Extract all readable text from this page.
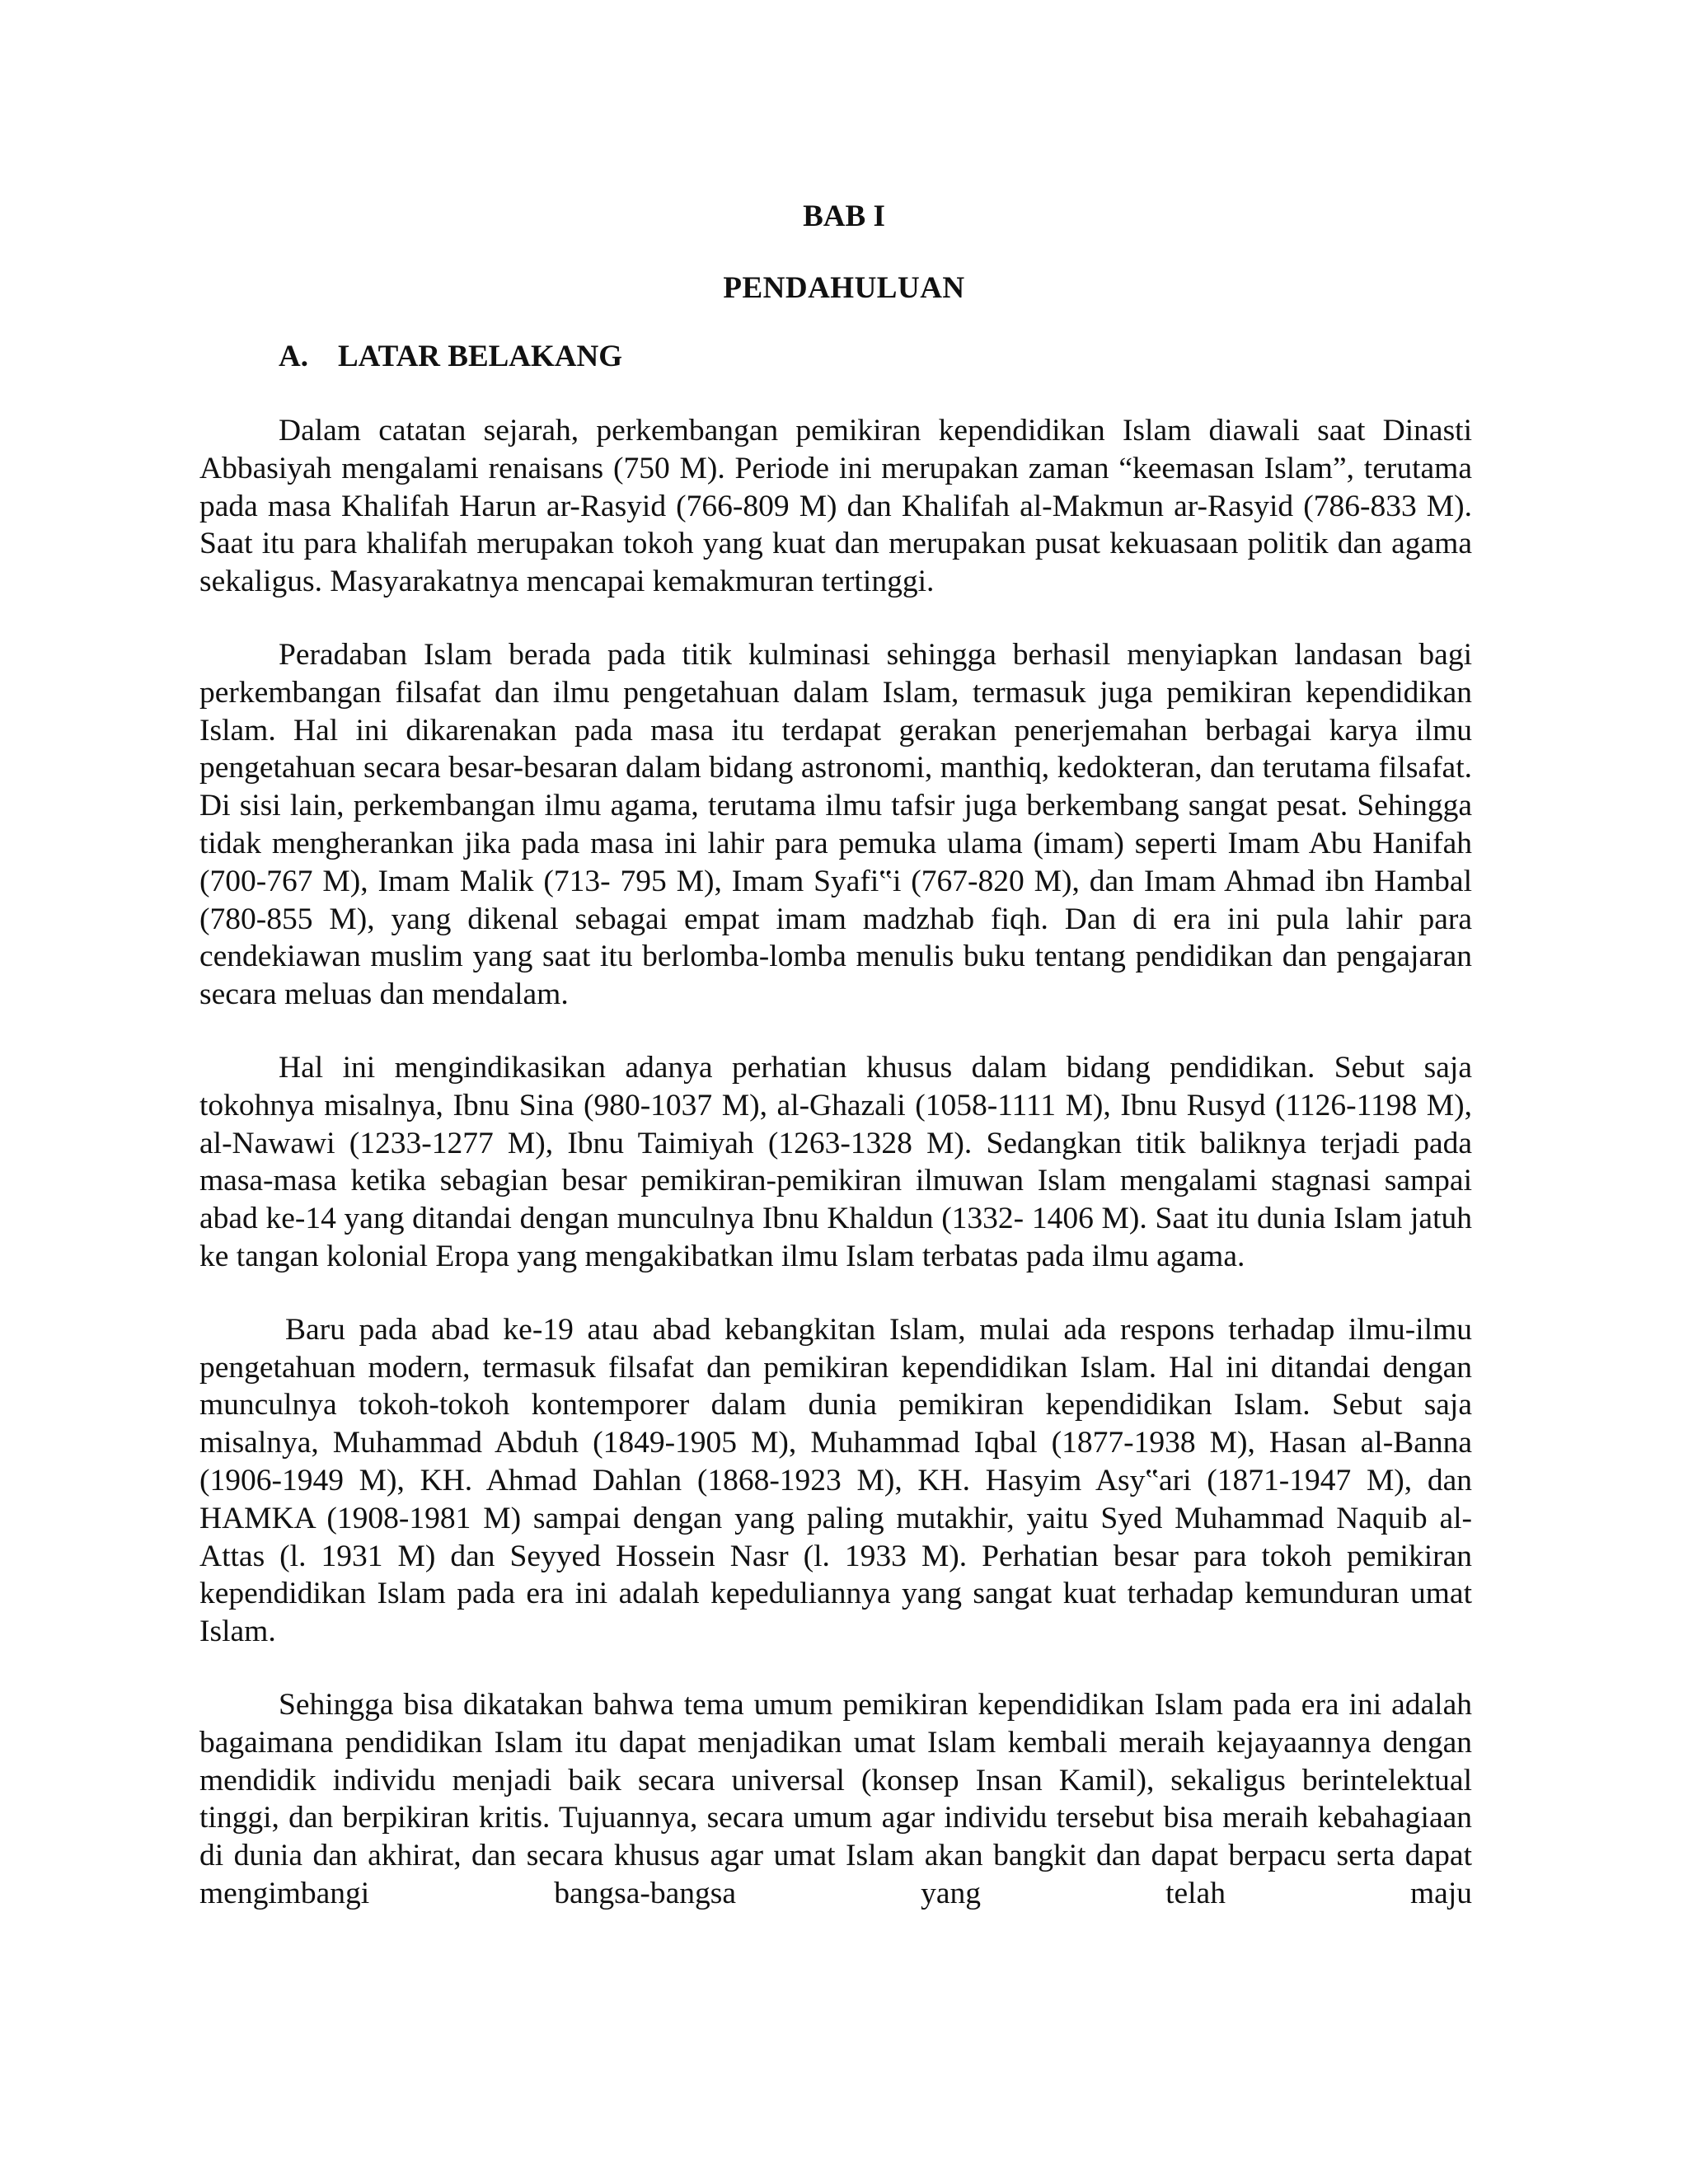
BAB I
PENDAHULUAN
A. LATAR BELAKANG

Dalam catatan sejarah, perkembangan pemikiran kependidikan Islam diawali saat Dinasti Abbasiyah mengalami renaisans (750 M). Periode ini merupakan zaman “keemasan Islam”, terutama pada masa Khalifah Harun ar-Rasyid (766-809 M) dan Khalifah al-Makmun ar-Rasyid (786-833 M). Saat itu para khalifah merupakan tokoh yang kuat dan merupakan pusat kekuasaan politik dan agama sekaligus. Masyarakatnya mencapai kemakmuran tertinggi.

Peradaban Islam berada pada titik kulminasi sehingga berhasil menyiapkan landasan bagi perkembangan filsafat dan ilmu pengetahuan dalam Islam, termasuk juga pemikiran kependidikan Islam. Hal ini dikarenakan pada masa itu terdapat gerakan penerjemahan berbagai karya ilmu pengetahuan secara besar-besaran dalam bidang astronomi, manthiq, kedokteran, dan terutama filsafat. Di sisi lain, perkembangan ilmu agama, terutama ilmu tafsir juga berkembang sangat pesat. Sehingga tidak mengherankan jika pada masa ini lahir para pemuka ulama (imam) seperti Imam Abu Hanifah (700-767 M), Imam Malik (713- 795 M), Imam Syafi‟i (767-820 M), dan Imam Ahmad ibn Hambal (780-855 M), yang dikenal sebagai empat imam madzhab fiqh. Dan di era ini pula lahir para cendekiawan muslim yang saat itu berlomba-lomba menulis buku tentang pendidikan dan pengajaran secara meluas dan mendalam.

Hal ini mengindikasikan adanya perhatian khusus dalam bidang pendidikan. Sebut saja tokohnya misalnya, Ibnu Sina (980-1037 M), al-Ghazali (1058-1111 M), Ibnu Rusyd (1126-1198 M), al-Nawawi (1233-1277 M), Ibnu Taimiyah (1263-1328 M). Sedangkan titik baliknya terjadi pada masa-masa ketika sebagian besar pemikiran-pemikiran ilmuwan Islam mengalami stagnasi sampai abad ke-14 yang ditandai dengan munculnya Ibnu Khaldun (1332- 1406 M). Saat itu dunia Islam jatuh ke tangan kolonial Eropa yang mengakibatkan ilmu Islam terbatas pada ilmu agama.

Baru pada abad ke-19 atau abad kebangkitan Islam, mulai ada respons terhadap ilmu-ilmu pengetahuan modern, termasuk filsafat dan pemikiran kependidikan Islam. Hal ini ditandai dengan munculnya tokoh-tokoh kontemporer dalam dunia pemikiran kependidikan Islam. Sebut saja misalnya, Muhammad Abduh (1849-1905 M), Muhammad Iqbal (1877-1938 M), Hasan al-Banna (1906-1949 M), KH. Ahmad Dahlan (1868-1923 M), KH. Hasyim Asy‟ari (1871-1947 M), dan HAMKA (1908-1981 M) sampai dengan yang paling mutakhir, yaitu Syed Muhammad Naquib al-Attas (l. 1931 M) dan Seyyed Hossein Nasr (l. 1933 M). Perhatian besar para tokoh pemikiran kependidikan Islam pada era ini adalah kepeduliannya yang sangat kuat terhadap kemunduran umat Islam.

Sehingga bisa dikatakan bahwa tema umum pemikiran kependidikan Islam pada era ini adalah bagaimana pendidikan Islam itu dapat menjadikan umat Islam kembali meraih kejayaannya dengan mendidik individu menjadi baik secara universal (konsep Insan Kamil), sekaligus berintelektual tinggi, dan berpikiran kritis. Tujuannya, secara umum agar individu tersebut bisa meraih kebahagiaan di dunia dan akhirat, dan secara khusus agar umat Islam akan bangkit dan dapat berpacu serta dapat mengimbangi bangsa-bangsa yang telah maju
